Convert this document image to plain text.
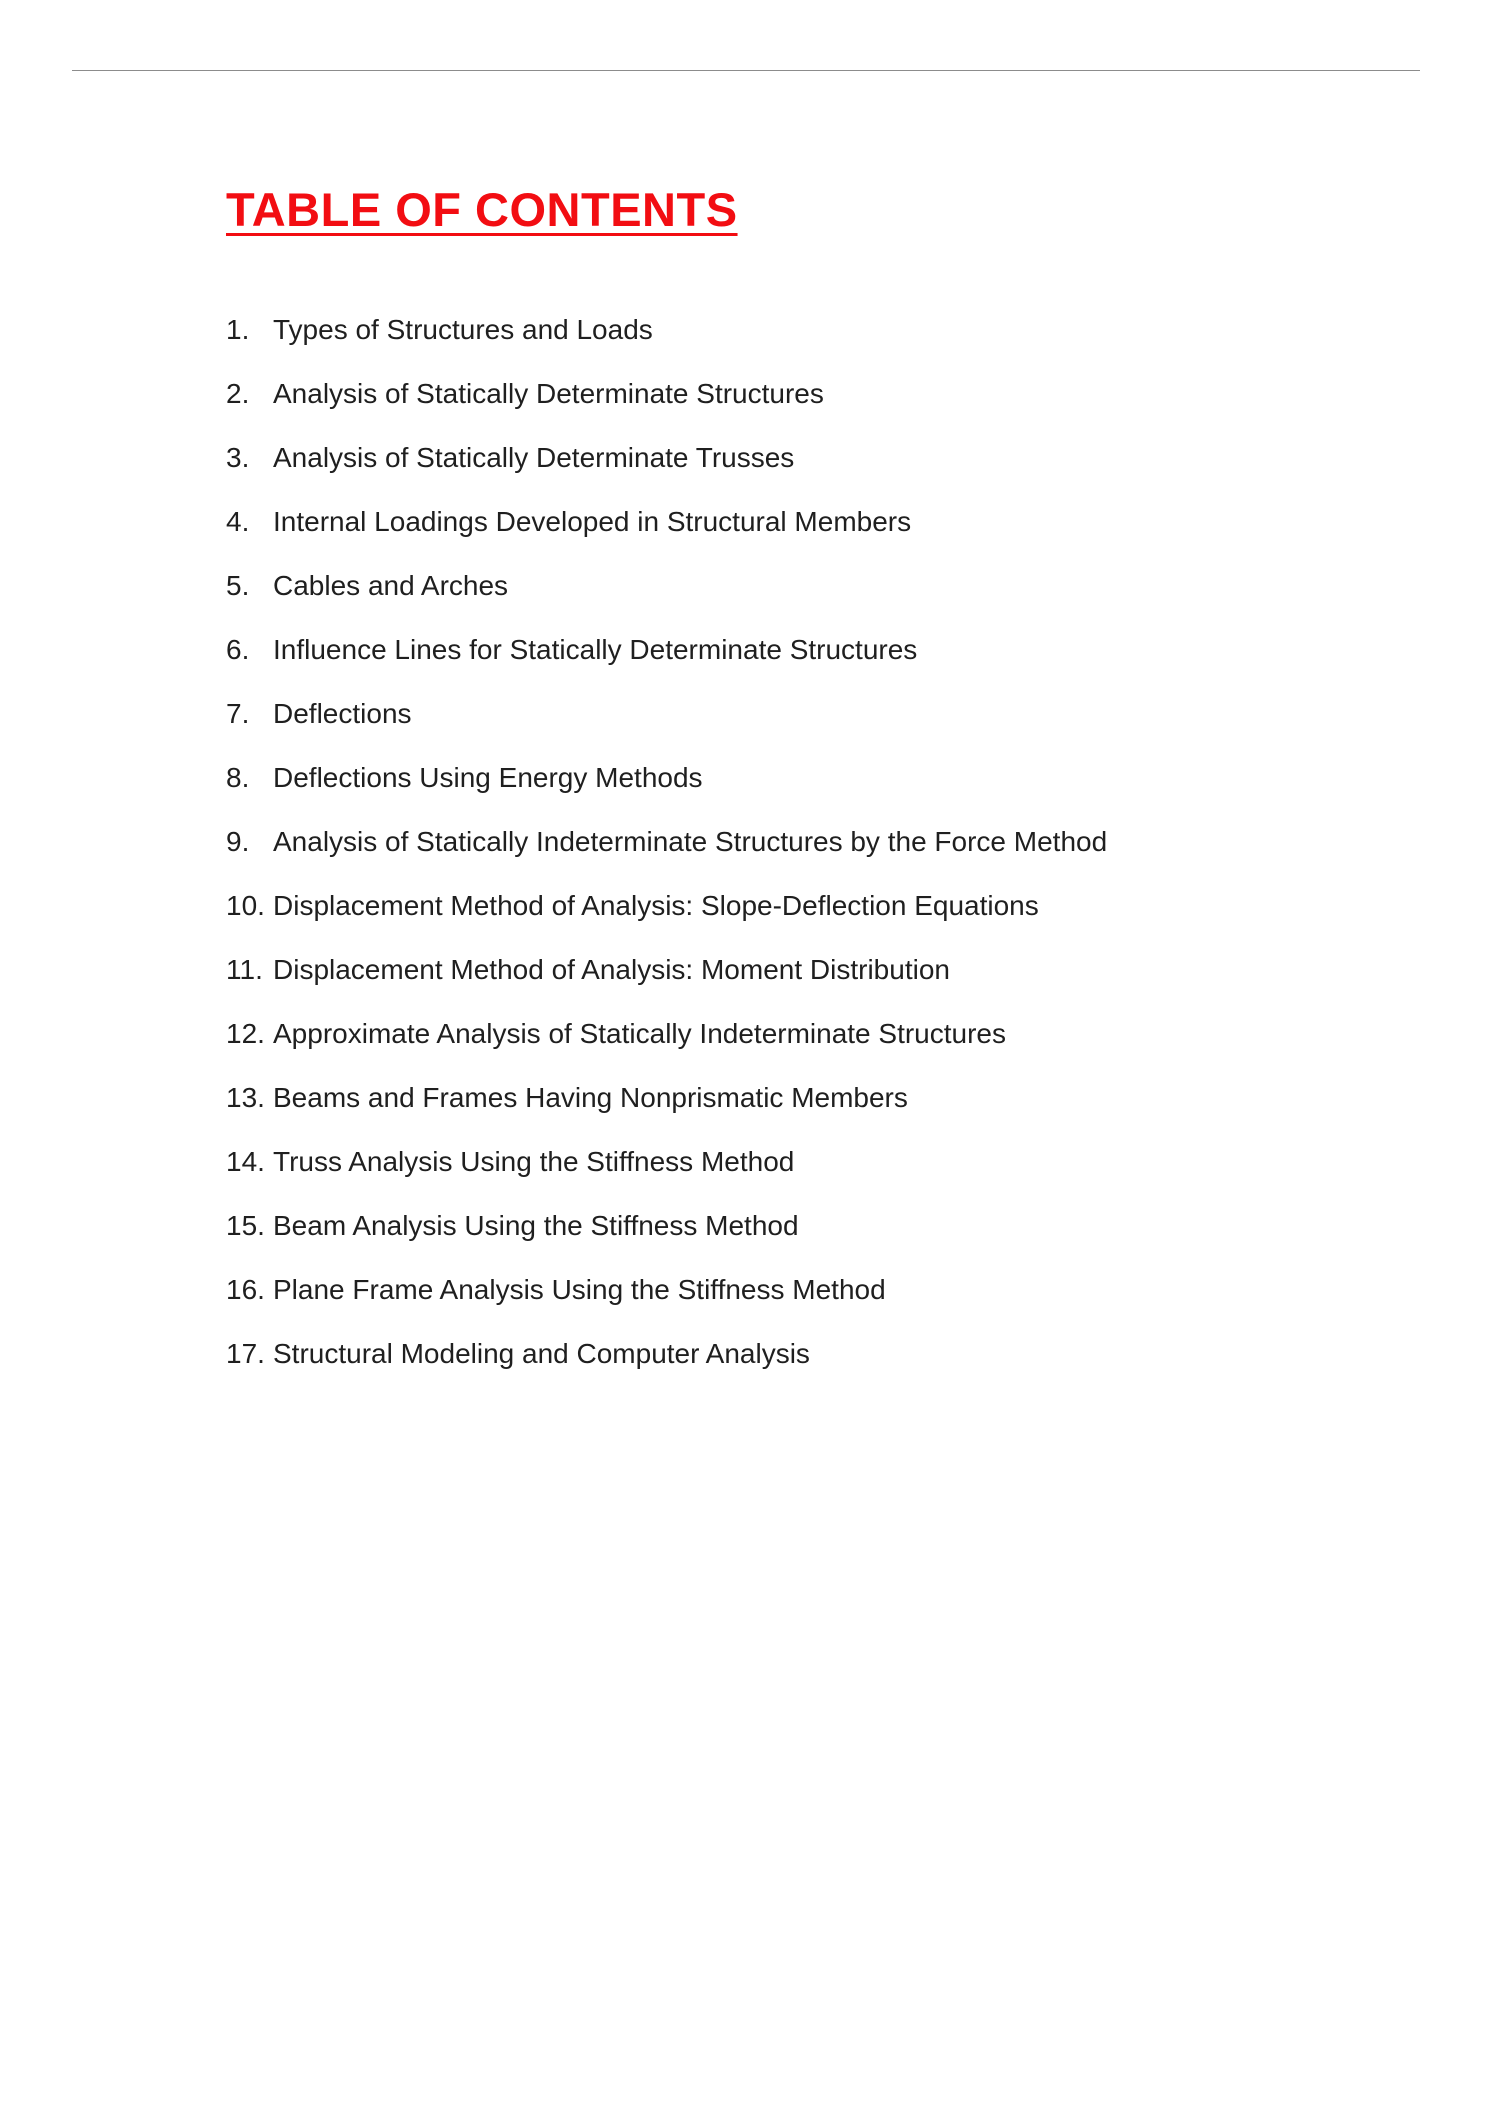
TABLE OF CONTENTS
1. Types of Structures and Loads
2. Analysis of Statically Determinate Structures
3. Analysis of Statically Determinate Trusses
4. Internal Loadings Developed in Structural Members
5. Cables and Arches
6. Influence Lines for Statically Determinate Structures
7. Deflections
8. Deflections Using Energy Methods
9. Analysis of Statically Indeterminate Structures by the Force Method
10. Displacement Method of Analysis: Slope-Deflection Equations
11. Displacement Method of Analysis: Moment Distribution
12. Approximate Analysis of Statically Indeterminate Structures
13. Beams and Frames Having Nonprismatic Members
14. Truss Analysis Using the Stiffness Method
15. Beam Analysis Using the Stiffness Method
16. Plane Frame Analysis Using the Stiffness Method
17. Structural Modeling and Computer Analysis
